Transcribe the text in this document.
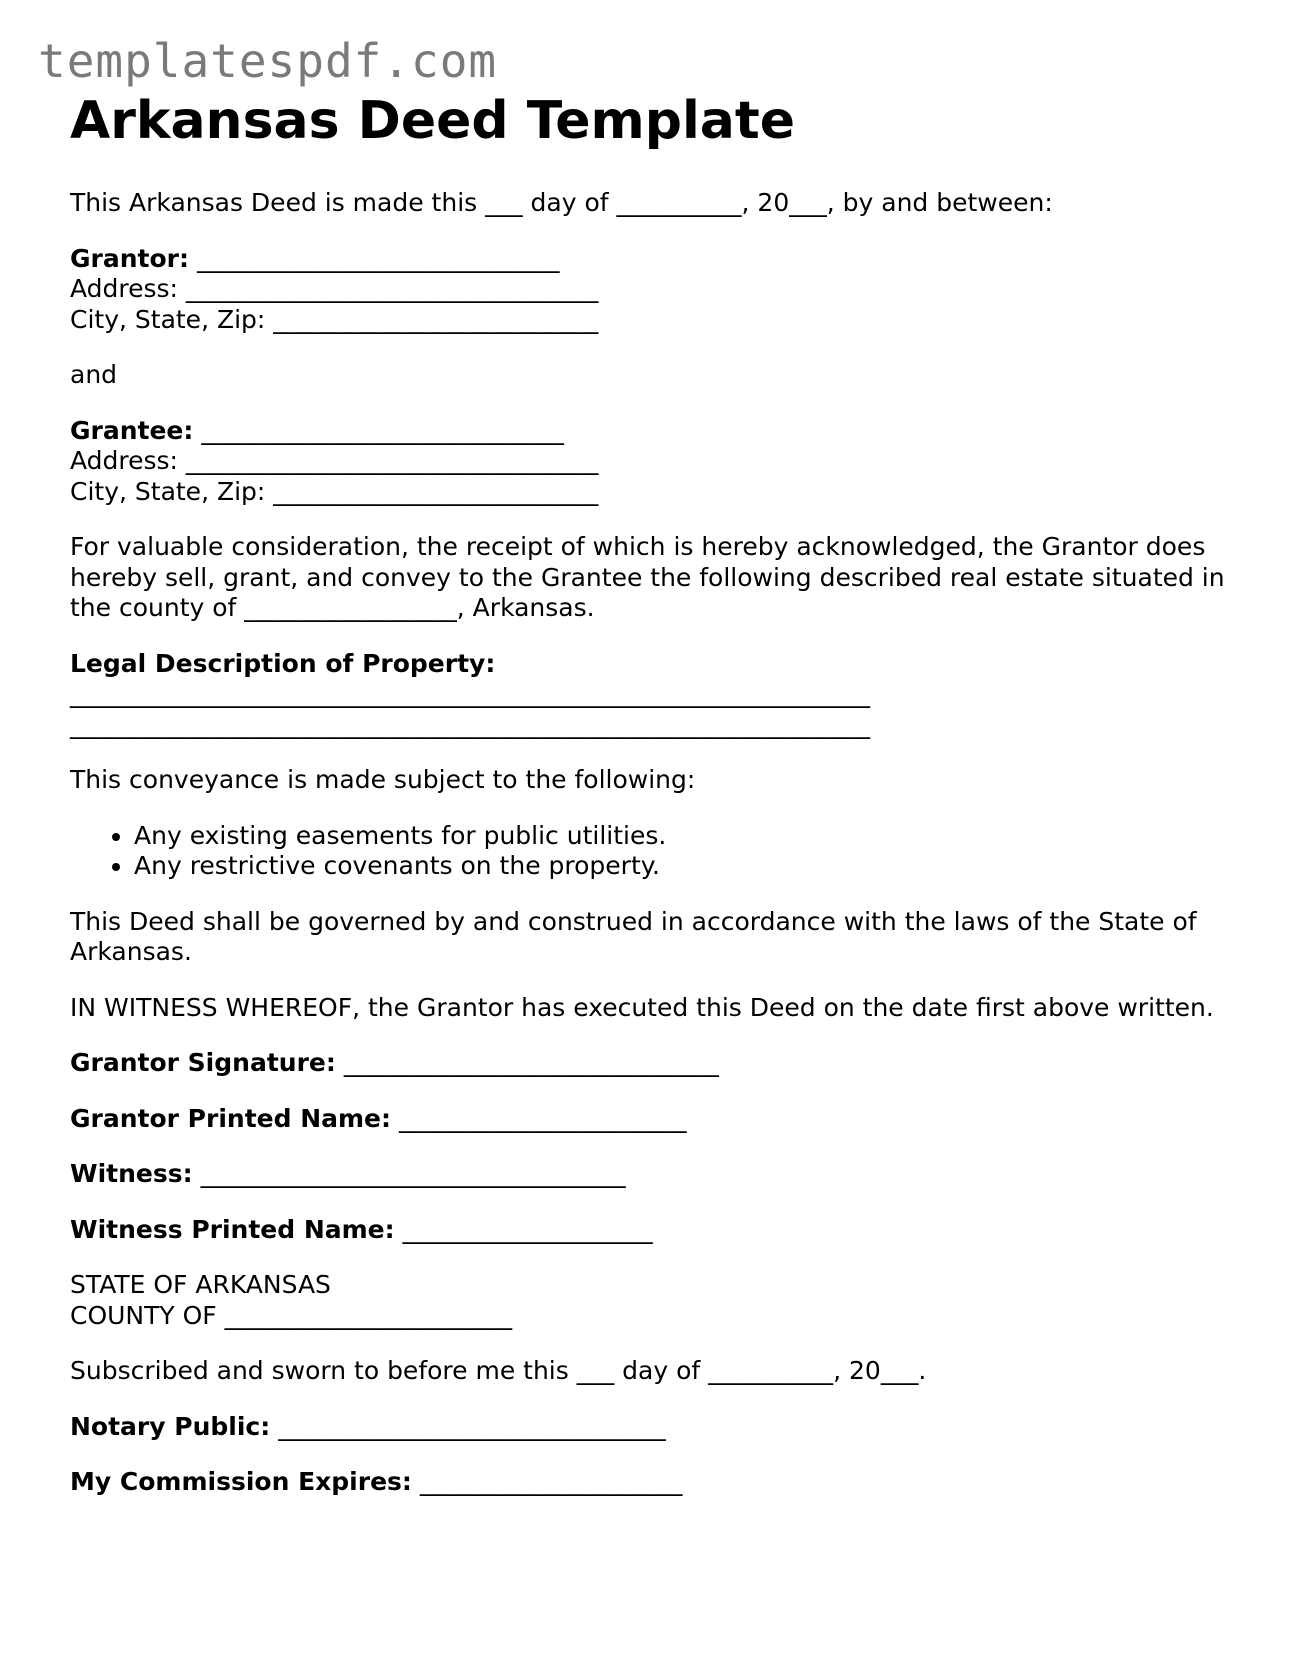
templatespdf.com
Arkansas Deed Template

This Arkansas Deed is made this ___ day of __________, 20___, by and between:

Grantor: _____________________________
Address: _________________________________
City, State, Zip: __________________________

and

Grantee: _____________________________
Address: _________________________________
City, State, Zip: __________________________

For valuable consideration, the receipt of which is hereby acknowledged, the Grantor does hereby sell, grant, and convey to the Grantee the following described real estate situated in the county of _________________, Arkansas.

Legal Description of Property:
________________________________________________________________
________________________________________________________________

This conveyance is made subject to the following:

• Any existing easements for public utilities.
• Any restrictive covenants on the property.

This Deed shall be governed by and construed in accordance with the laws of the State of Arkansas.

IN WITNESS WHEREOF, the Grantor has executed this Deed on the date first above written.

Grantor Signature: ______________________________

Grantor Printed Name: _______________________

Witness: __________________________________

Witness Printed Name: ____________________

STATE OF ARKANSAS
COUNTY OF _______________________

Subscribed and sworn to before me this ___ day of __________, 20___.

Notary Public: _______________________________

My Commission Expires: _____________________
